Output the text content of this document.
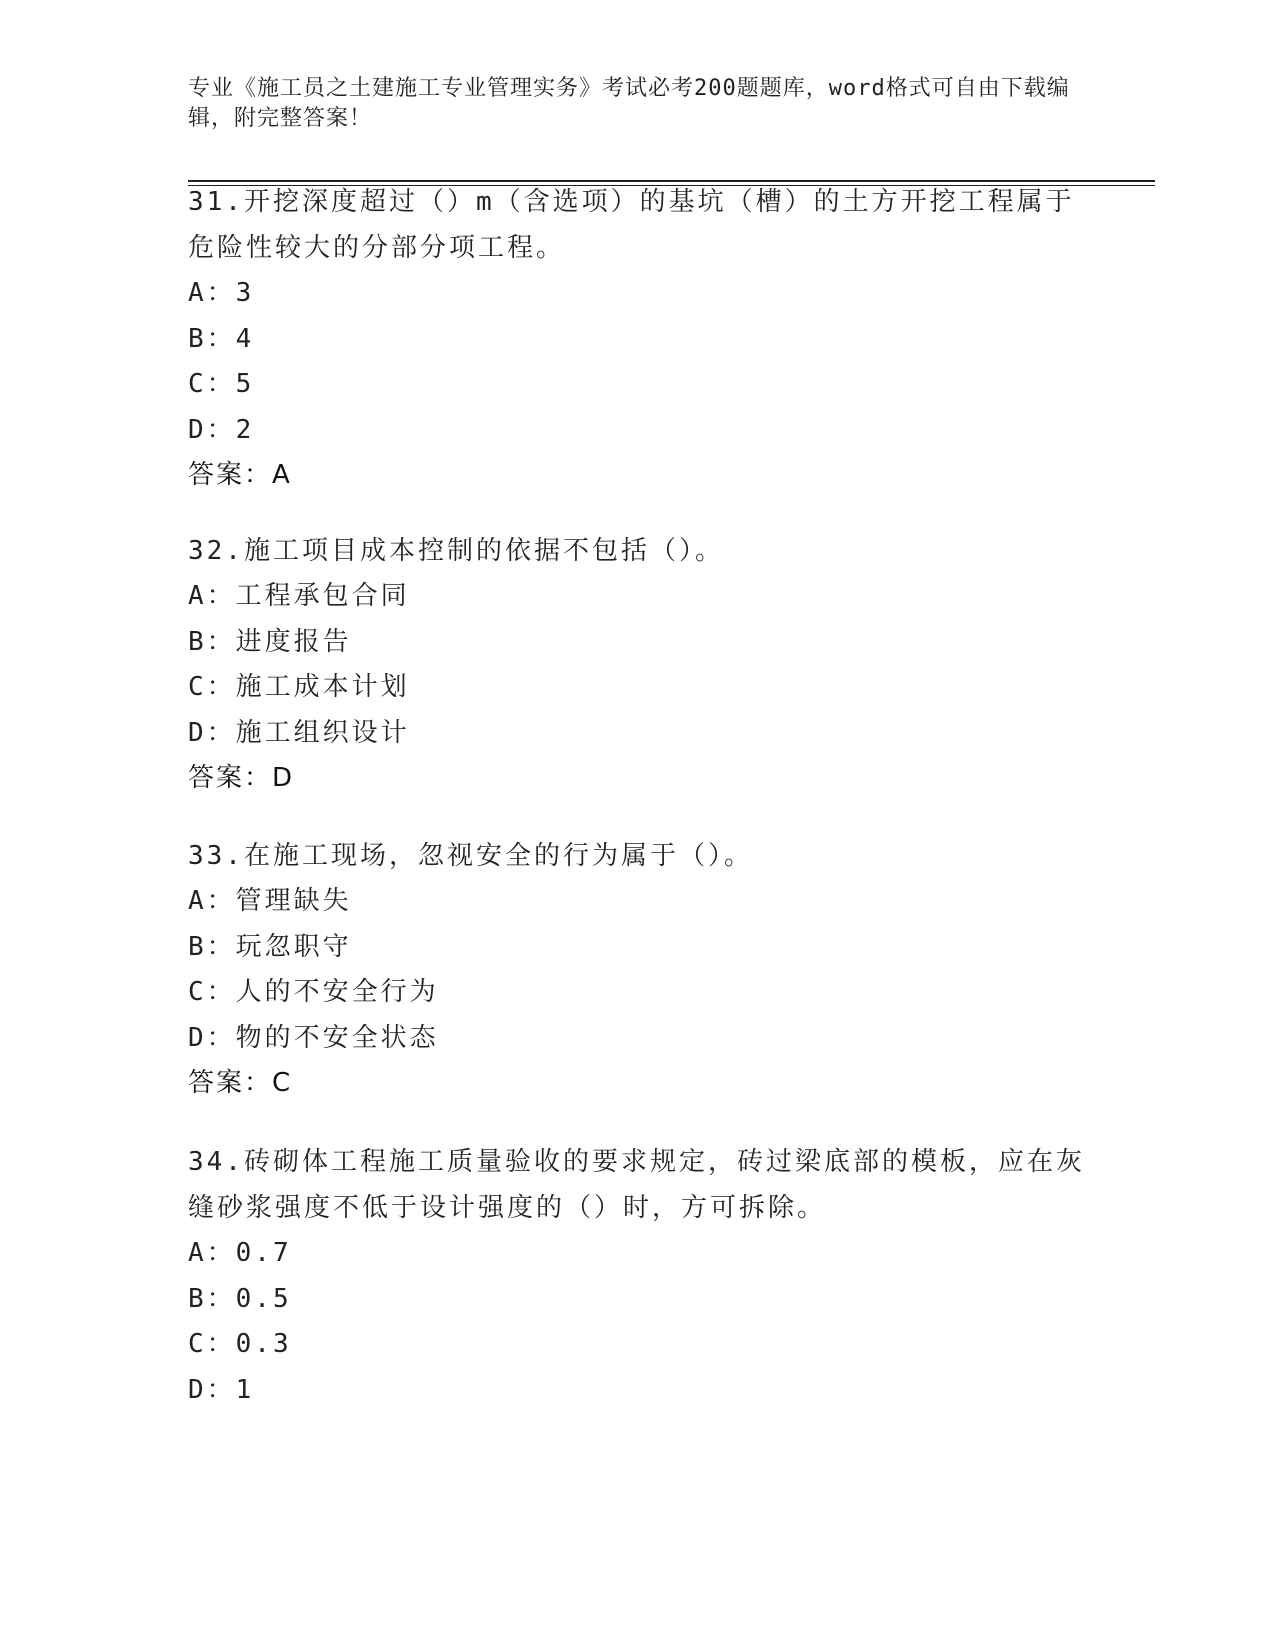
专业《施工员之土建施工专业管理实务》考试必考200题题库，word格式可自由下载编辑，附完整答案！
31.开挖深度超过（）m（含选项）的基坑（槽）的土方开挖工程属于
危险性较大的分部分项工程。
A：3
B：4
C：5
D：2
答案：A
32.施工项目成本控制的依据不包括（）。
A：工程承包合同
B：进度报告
C：施工成本计划
D：施工组织设计
答案：D
33.在施工现场，忽视安全的行为属于（）。
A：管理缺失
B：玩忽职守
C：人的不安全行为
D：物的不安全状态
答案：C
34.砖砌体工程施工质量验收的要求规定，砖过梁底部的模板，应在灰
缝砂浆强度不低于设计强度的（）时，方可拆除。
A：0.7
B：0.5
C：0.3
D：1
